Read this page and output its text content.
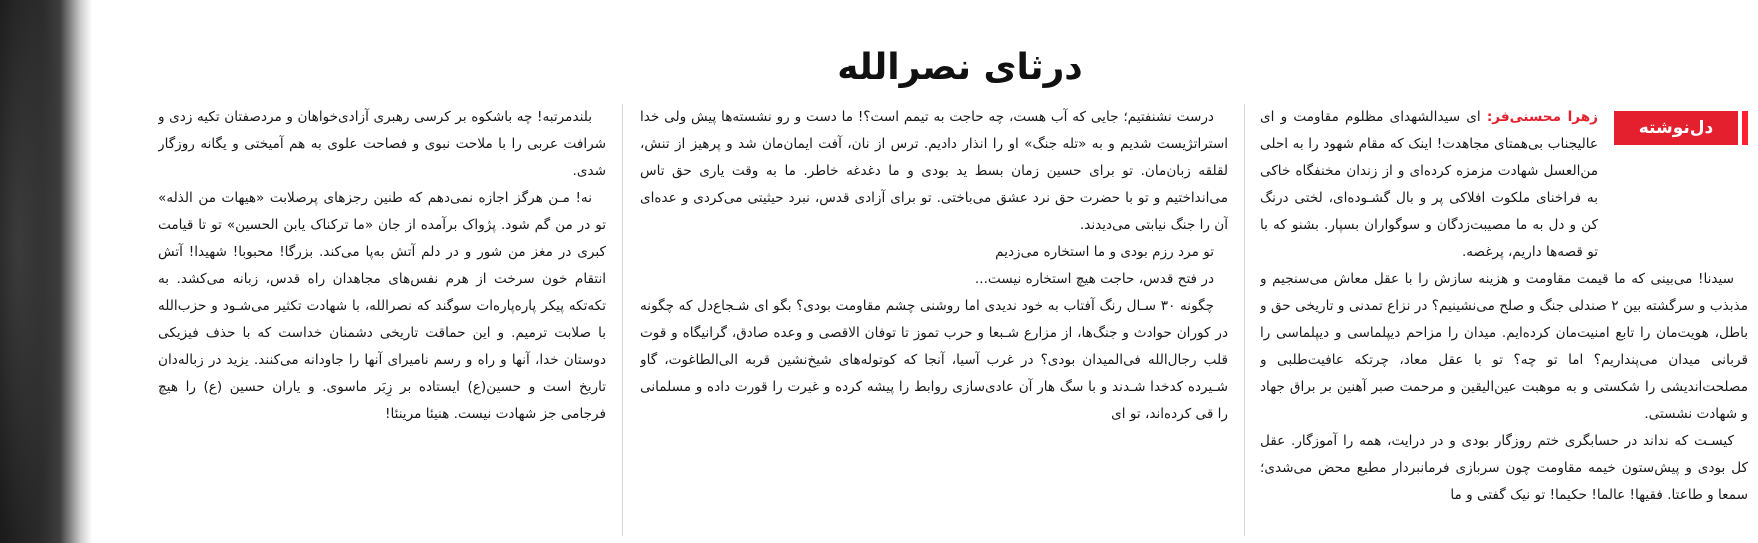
درثای نصرالله
دل‌نوشته

زهرا محسنی‌فر: ای سیدالشهدای مظلوم مقاومت و ای عالیجناب بی‌همتای مجاهدت! اینک که مقام شهود را به احلی من‌العسل شهادت مزمزه کرده‌ای و از زندان مخنفگاه خاکی به فراخنای ملکوت افلاکی پر و بال گشـوده‌ای، لختی درنگ کن و دل به ما مصیبت‌زدگان و سوگواران بسپار. بشنو که با تو قصه‌ها داریم، پرغصه.

سیدنا! می‌بینی که ما قیمت مقاومت و هزینه سازش را با عقل معاش می‌سنجیم و مذبذب و سرگشته بین ۲ صندلی جنگ و صلح می‌نشینیم؟ در نزاع تمدنی و تاریخی حق و باطل، هویت‌مان را تابع امنیت‌مان کرده‌ایم. میدان را مزاحم دیپلماسی و دیپلماسی را قربانی میدان می‌پنداریم؟ اما تو چه؟ تو با عقل معاد، چرتکه عافیت‌طلبی و مصلحت‌اندیشی را شکستی و به موهبت عین‌الیقین و مرحمت صبر آهنین بر براق جهاد و شهادت نشستی.

کیسـت که نداند در حسابگری ختم روزگار بودی و در درایت، همه را آموزگار. عقل کل بودی و پیش‌ستون خیمه مقاومت چون سربازی فرمانبردار مطیع محض می‌شدی؛ سمعا و طاعتا. فقیها! عالما! حکیما! تو نیک گفتی و ما

درست نشنفتیم؛ جایی که آب هست، چه حاجت به تیمم است؟! ما دست و رو نشسته‌ها پیش ولی خدا استراتژیست شدیم و به «تله جنگ» او را انذار دادیم. ترس از نان، آفت ایمان‌مان شد و پرهیز از تنش، لقلقه زبان‌مان. تو برای حسین زمان بسط ید بودی و ما دغدغه خاطر. ما به وقت یاری حق تاس می‌انداختیم و تو با حضرت حق نرد عشق می‌باختی. تو برای آزادی قدس، نبرد حیثیتی می‌کردی و عده‌ای آن را جنگ نیابتی می‌دیدند.

تو مرد رزم بودی و ما استخاره می‌زدیم

در فتح قدس، حاجت هیچ استخاره نیست...

چگونه ۳۰ سـال رنگ آفتاب به خود ندیدی اما روشنی چشم مقاومت بودی؟ بگو ای شـجاع‌دل که چگونه در کوران حوادث و جنگ‌ها، از مزارع شـبعا و حرب تموز تا توفان الاقصی و وعده صادق، گرانیگاه و قوت قلب رجال‌الله فی‌المیدان بودی؟ در غرب آسیا، آنجا که کوتوله‌های شیخ‌نشین قربه الی‌الطاغوت، گاو شـیرده کدخدا شـدند و با سگ هار آن عادی‌سازی روابط را پیشه کرده و غیرت را قورت داده و مسلمانی را قی کرده‌اند، تو ای

بلندمرتبه! چه باشکوه بر کرسی رهبری آزادی‌خواهان و مردصفتان تکیه زدی و شرافت عربی را با ملاحت نبوی و فصاحت علوی به هم آمیختی و یگانه روزگار شدی.

نه! مـن هرگز اجازه نمی‌دهم که طنین رجزهای پرصلابت «هیهات من الذله» تو در من گم شود. پژواک برآمده از جان «ما ترکناک یابن الحسین» تو تا قیامت کبری در مغز من شور و در دلم آتش به‌پا می‌کند. بزرگا! محبوبا! شهیدا! آتش انتقام خون سرخت از هرم نفس‌های مجاهدان راه قدس، زبانه می‌کشد. به تکه‌تکه پیکر پاره‌پاره‌ات سوگند که نصرالله، با شهادت تکثیر می‌شـود و حزب‌الله با صلابت ترمیم. و این حماقت تاریخی دشمنان خداست که با حذف فیزیکی دوستان خدا، آنها و راه و رسم نامیرای آنها را جاودانه می‌کنند. یزید در زباله‌دان تاریخ است و حسین(ع) ایستاده بر زِبَر ماسوی. و یاران حسین (ع) را هیچ فرجامی جز شهادت نیست. هنیئا مرینئا!
